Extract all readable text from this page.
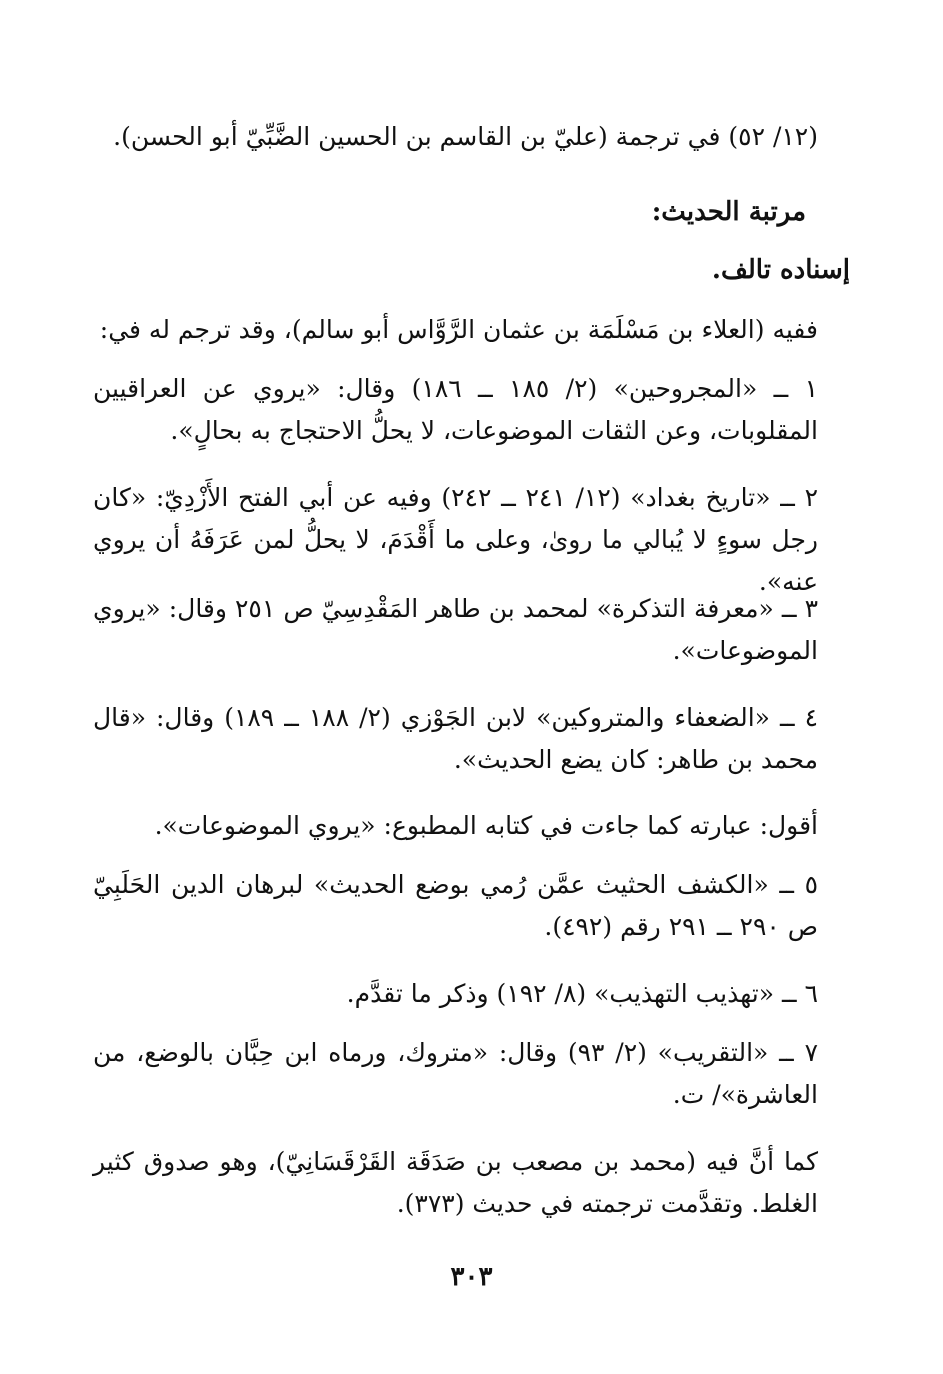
(١٢/ ٥٢) في ترجمة (عليّ بن القاسم بن الحسين الضَّبِّيّ أبو الحسن).

مرتبة الحديث:

إسناده تالف.

ففيه (العلاء بن مَسْلَمَة بن عثمان الرَّوَّاس أبو سالم)، وقد ترجم له في:

١ ــ «المجروحين» (٢/ ١٨٥ ــ ١٨٦) وقال: «يروي عن العراقيين المقلوبات، وعن الثقات الموضوعات، لا يحلُّ الاحتجاج به بحالٍ».

٢ ــ «تاريخ بغداد» (١٢/ ٢٤١ ــ ٢٤٢) وفيه عن أبي الفتح الأَزْدِيّ: «كان رجل سوءٍ لا يُبالي ما روىٰ، وعلى ما أَقْدَمَ، لا يحلُّ لمن عَرَفَهُ أن يروي عنه».

٣ ــ «معرفة التذكرة» لمحمد بن طاهر المَقْدِسِيّ ص ٢٥١ وقال: «يروي الموضوعات».

٤ ــ «الضعفاء والمتروكين» لابن الجَوْزي (٢/ ١٨٨ ــ ١٨٩) وقال: «قال محمد بن طاهر: كان يضع الحديث».

أقول: عبارته كما جاءت في كتابه المطبوع: «يروي الموضوعات».

٥ ــ «الكشف الحثيث عمَّن رُمي بوضع الحديث» لبرهان الدين الحَلَبِيّ ص ٢٩٠ ــ ٢٩١ رقم (٤٩٢).

٦ ــ «تهذيب التهذيب» (٨/ ١٩٢) وذكر ما تقدَّم.

٧ ــ «التقريب» (٢/ ٩٣) وقال: «متروك، ورماه ابن حِبَّان بالوضع، من العاشرة»/ ت.

كما أنَّ فيه (محمد بن مصعب بن صَدَقَة القَرْقَسَانِيّ)، وهو صدوق كثير الغلط. وتقدَّمت ترجمته في حديث (٣٧٣).

٣٠٣
